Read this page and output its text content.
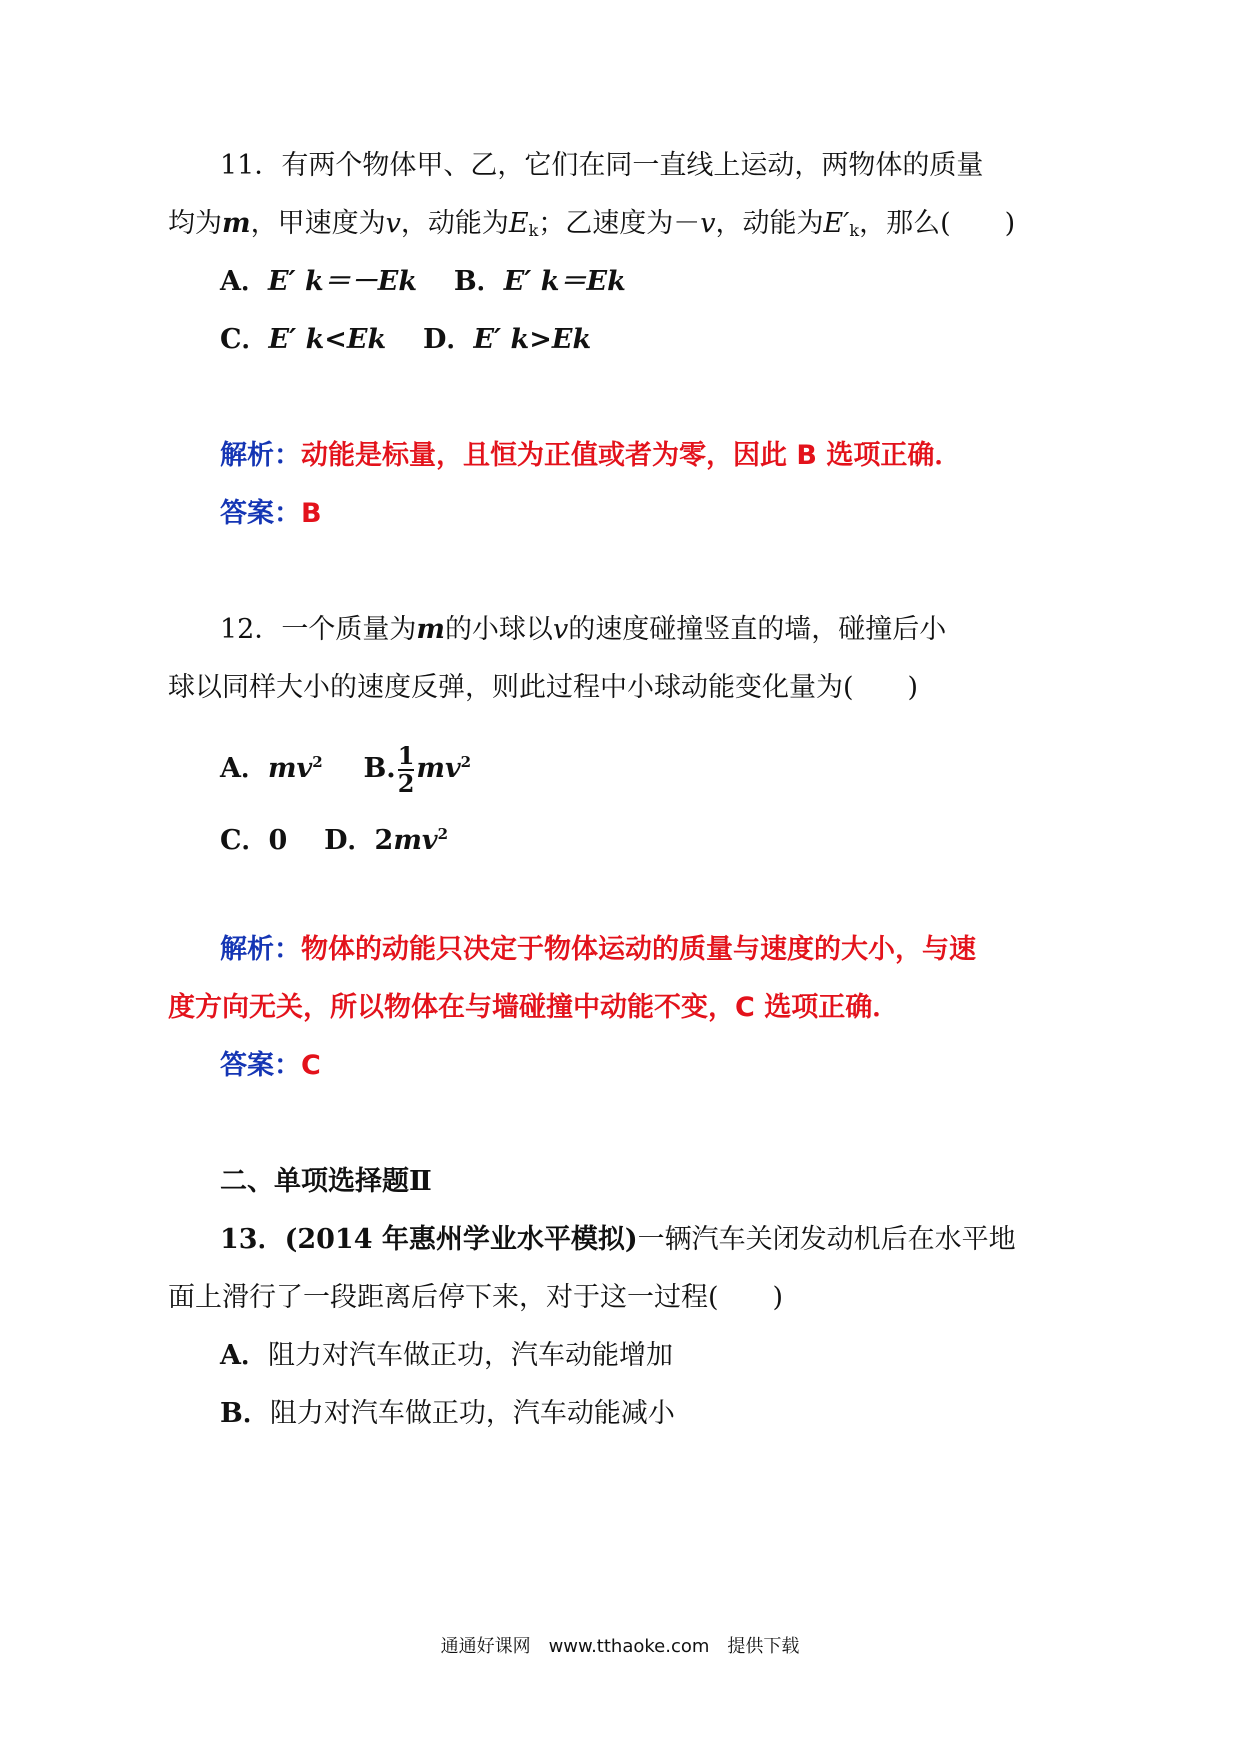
11．有两个物体甲、乙，它们在同一直线上运动，两物体的质量
均为m，甲速度为v，动能为$E_k$；乙速度为－v，动能为$E'_k$，那么(　　)
A．E′ k＝－Ek B．E′ k＝Ek
C．E′ k<Ek D．E′ k>Ek
解析：动能是标量，且恒为正值或者为零，因此 B 选项正确．
答案：B
12．一个质量为m的小球以v的速度碰撞竖直的墙，碰撞后小
球以同样大小的速度反弹，则此过程中小球动能变化量为(　　)
A．$mv^2$ B. $\frac{1}{2} mv^2$
C．0 D．$2mv^2$
解析：物体的动能只决定于物体运动的质量与速度的大小，与速
度方向无关，所以物体在与墙碰撞中动能不变，C 选项正确．
答案：C
二、单项选择题Ⅱ
13．(2014 年惠州学业水平模拟)一辆汽车关闭发动机后在水平地
面上滑行了一段距离后停下来，对于这一过程(　　)
A．阻力对汽车做正功，汽车动能增加
B．阻力对汽车做正功，汽车动能减小
通通好课网　www.tthaoke.com　提供下载
